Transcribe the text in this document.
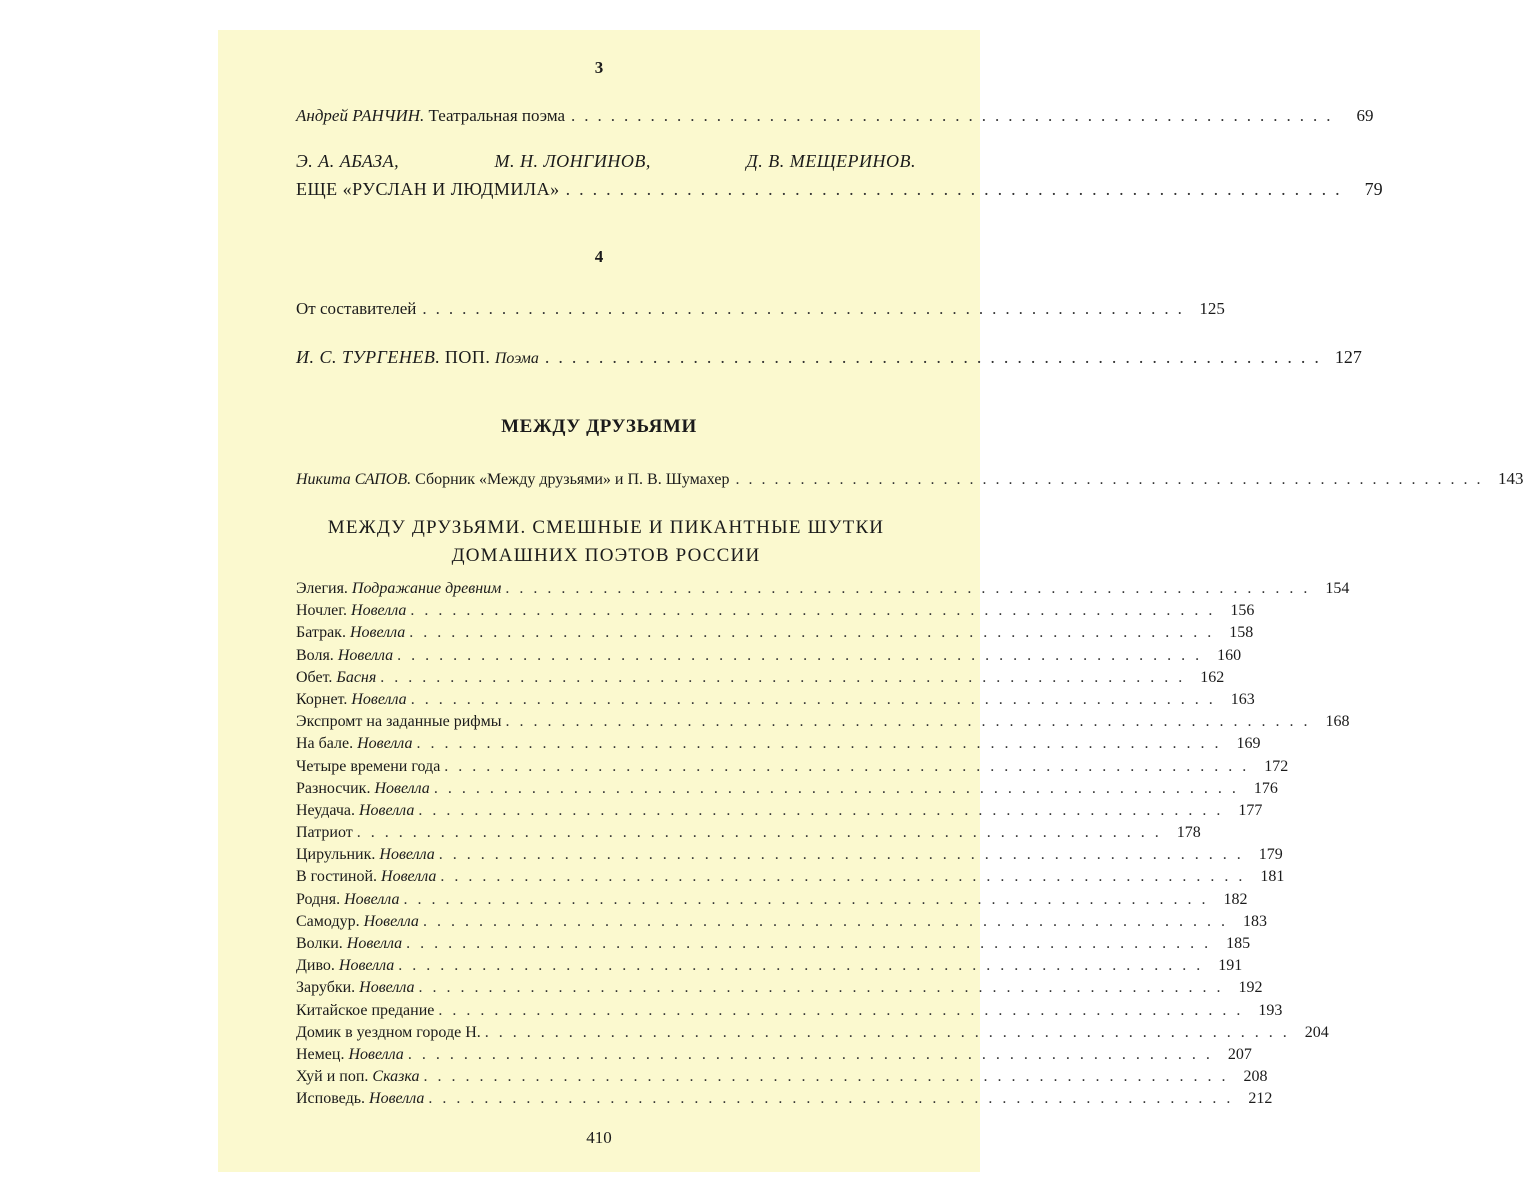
3
Андрей РАНЧИН. Театральная поэма ..........................................................	69
Э. А. АБАЗА,	М. Н. ЛОНГИНОВ,	Д. В. МЕЩЕРИНОВ.
ЕЩЕ «РУСЛАН И ЛЮДМИЛА» .......................................................... 79
4
От составителей .......................................................... 125
И. С. ТУРГЕНЕВ. ПОП. Поэма .......................................................... 127
МЕЖДУ ДРУЗЬЯМИ
Никита САПОВ. Сборник «Между друзьями» и П. В. Шумахер .......................................................... 143
МЕЖДУ ДРУЗЬЯМИ. СМЕШНЫЕ И ПИКАНТНЫЕ ШУТКИ
ДОМАШНИХ ПОЭТОВ РОССИИ
Элегия. Подражание древним .......................................................... 154
Ночлег. Новелла .......................................................... 156
Батрак. Новелла .......................................................... 158
Воля. Новелла .......................................................... 160
Обет. Басня .......................................................... 162
Корнет. Новелла .......................................................... 163
Экспромт на заданные рифмы .......................................................... 168
На бале. Новелла .......................................................... 169
Четыре времени года .......................................................... 172
Разносчик. Новелла .......................................................... 176
Неудача. Новелла .......................................................... 177
Патриот .......................................................... 178
Цирульник. Новелла .......................................................... 179
В гостиной. Новелла .......................................................... 181
Родня. Новелла .......................................................... 182
Самодур. Новелла .......................................................... 183
Волки. Новелла .......................................................... 185
Диво. Новелла .......................................................... 191
Зарубки. Новелла .......................................................... 192
Китайское предание .......................................................... 193
Домик в уездном городе Н. .......................................................... 204
Немец. Новелла .......................................................... 207
Хуй и поп. Сказка .......................................................... 208
Исповедь. Новелла .......................................................... 212
410
